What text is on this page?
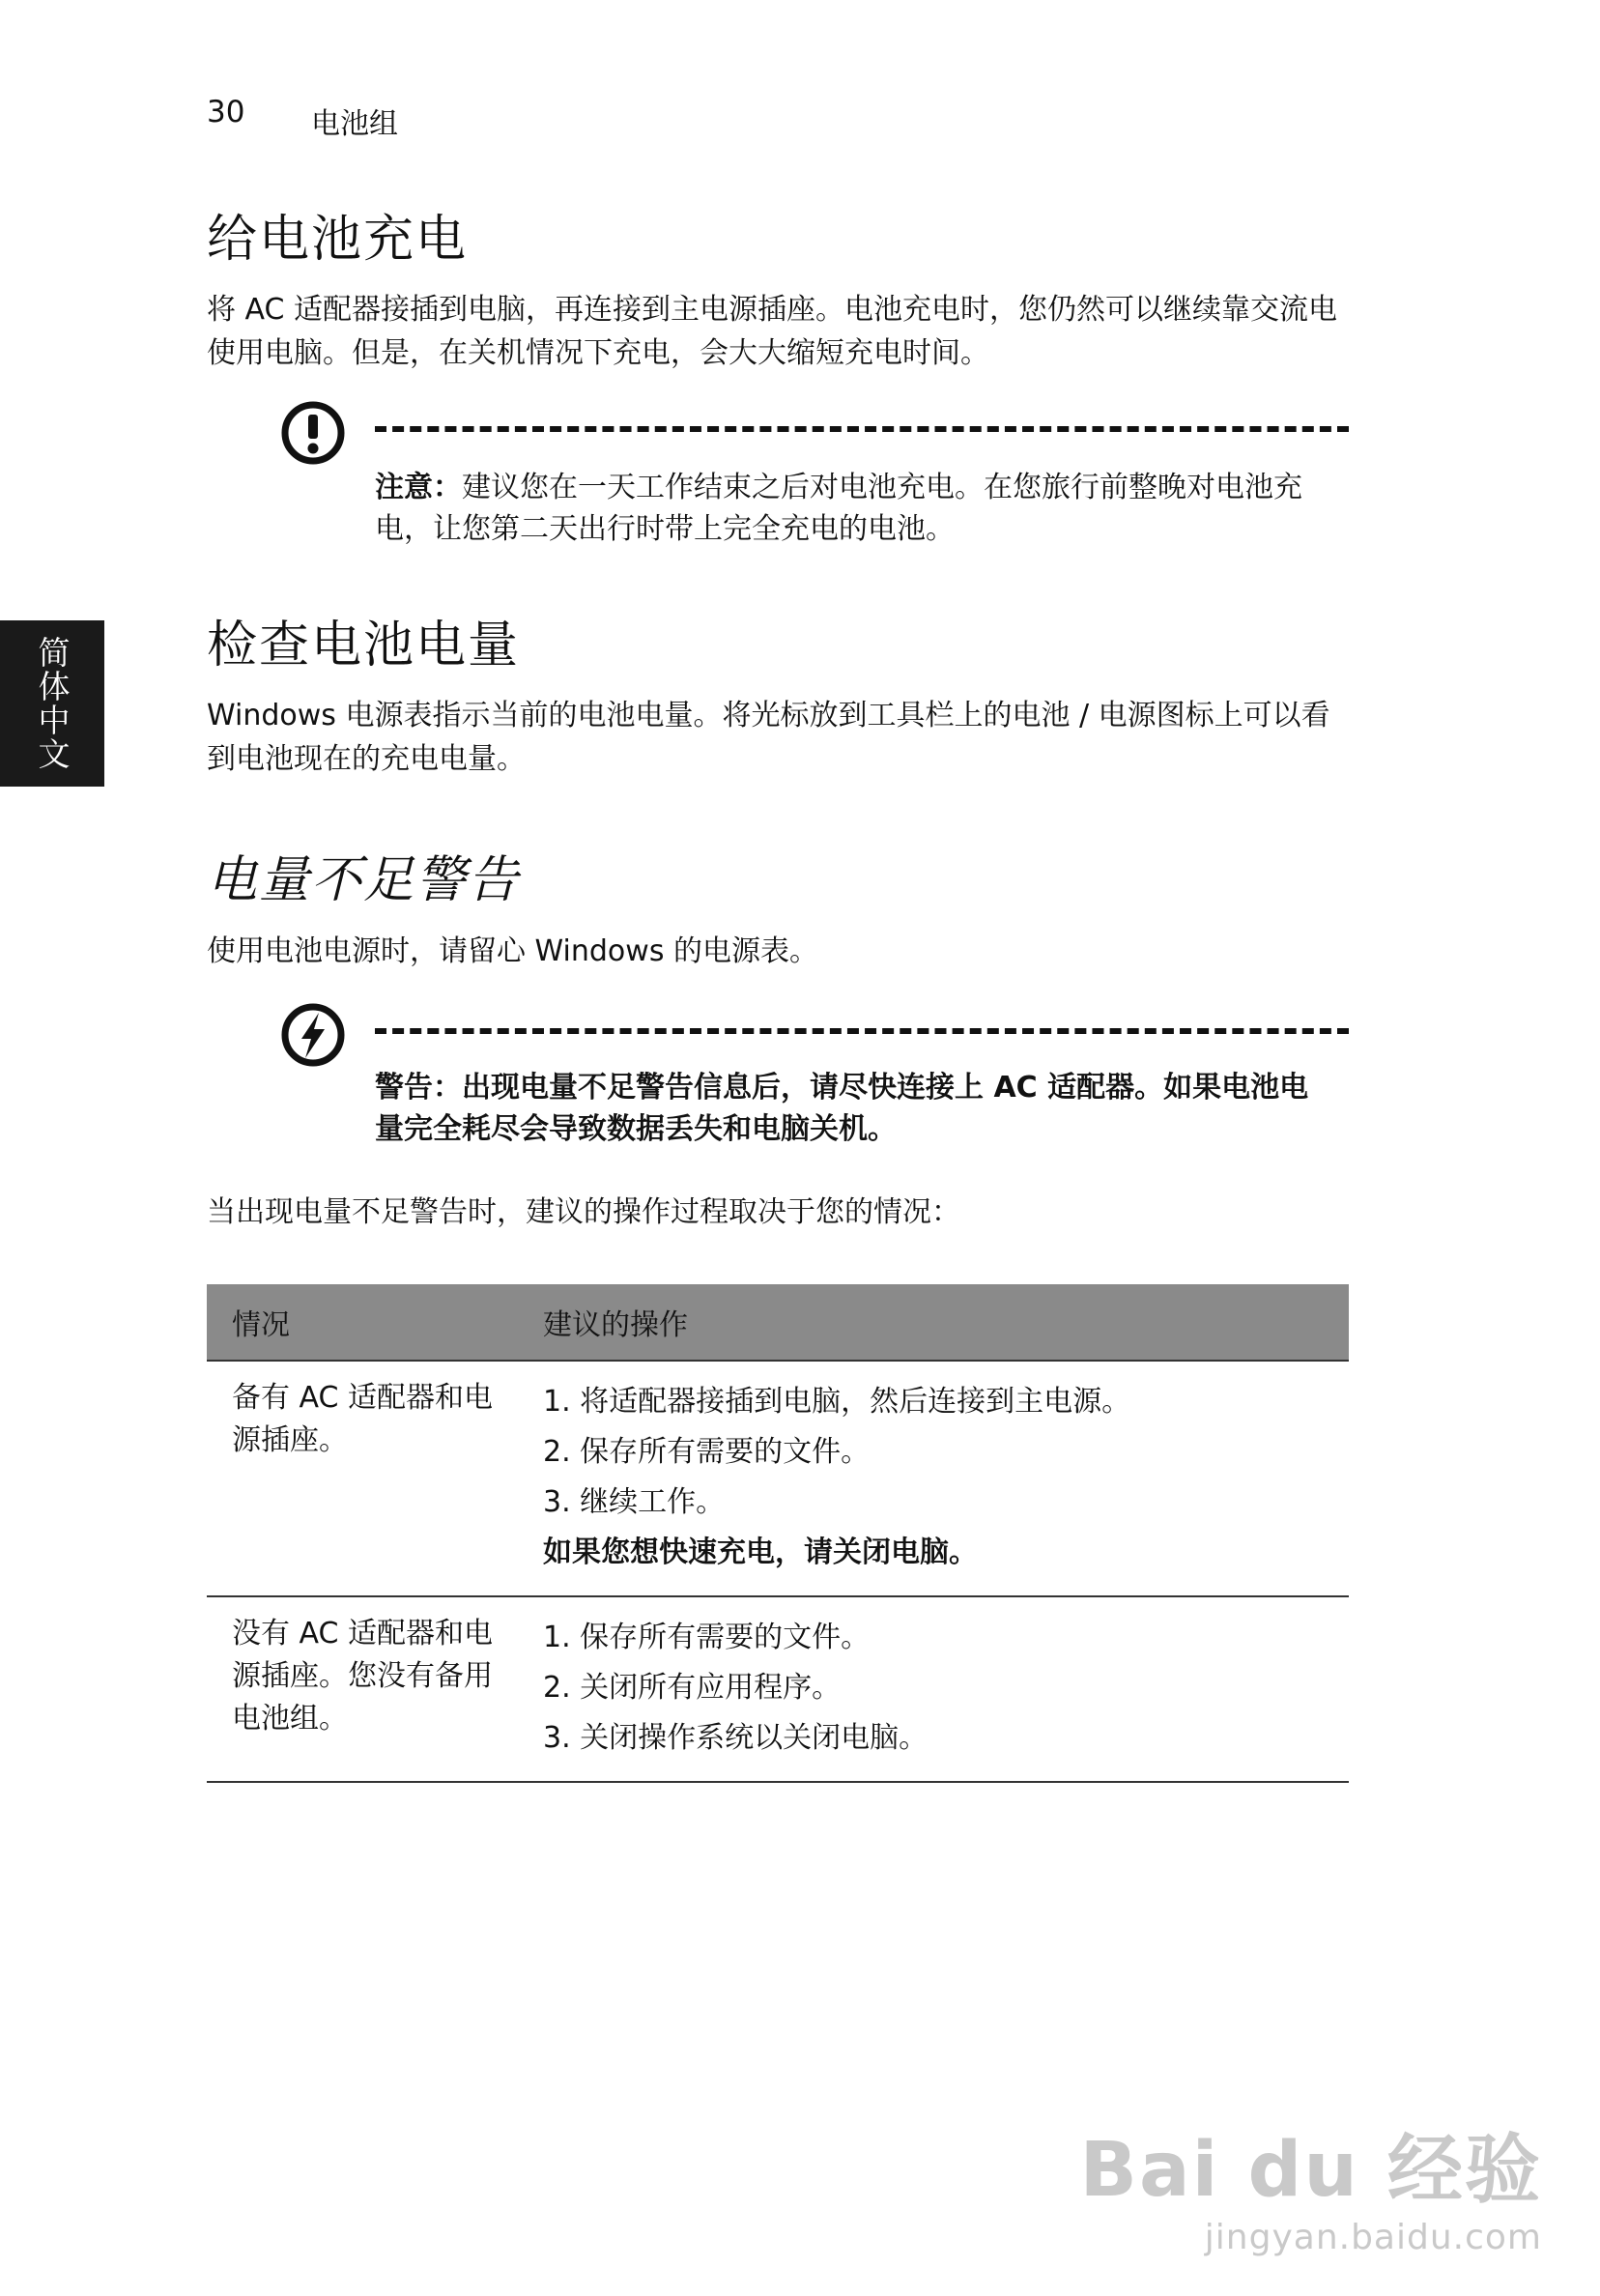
30 电池组
简体中文
给电池充电
将 AC 适配器接插到电脑，再连接到主电源插座。电池充电时，您仍然可以继续靠交流电使用电脑。但是，在关机情况下充电，会大大缩短充电时间。
注意：建议您在一天工作结束之后对电池充电。在您旅行前整晚对电池充电，让您第二天出行时带上完全充电的电池。
检查电池电量
Windows 电源表指示当前的电池电量。将光标放到工具栏上的电池 / 电源图标上可以看到电池现在的充电电量。
电量不足警告
使用电池电源时，请留心 Windows 的电源表。
警告：出现电量不足警告信息后，请尽快连接上 AC 适配器。如果电池电量完全耗尽会导致数据丢失和电脑关机。
当出现电量不足警告时，建议的操作过程取决于您的情况：
情况	建议的操作
备有 AC 适配器和电源插座。	1. 将适配器接插到电脑，然后连接到主电源。
2. 保存所有需要的文件。
3. 继续工作。
如果您想快速充电，请关闭电脑。

没有 AC 适配器和电源插座。您没有备用电池组。	1. 保存所有需要的文件。
2. 关闭所有应用程序。
3. 关闭操作系统以关闭电脑。
Bai du 经验
jingyan.baidu.com
